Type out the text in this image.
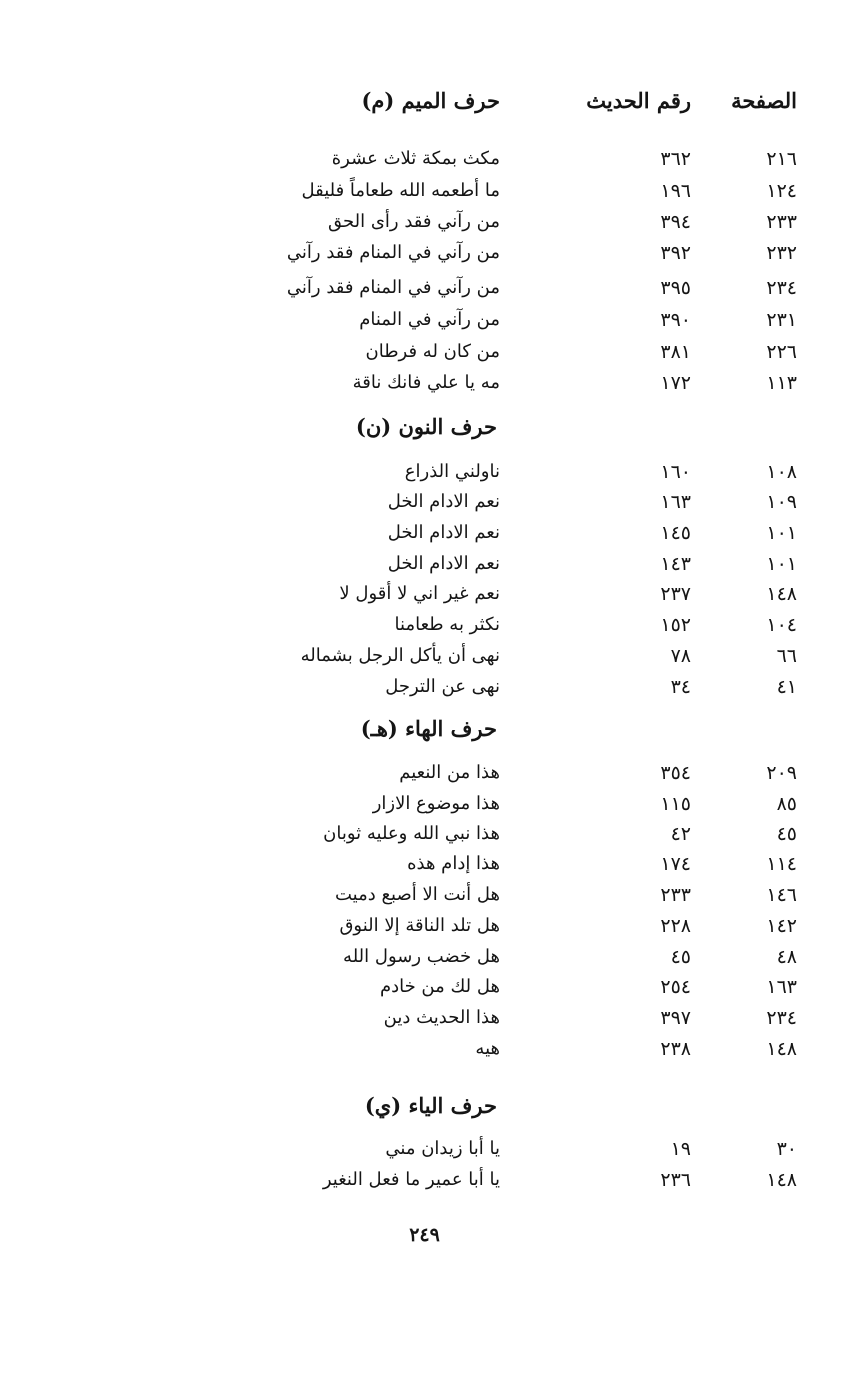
الصفحة
رقم الحديث
حرف الميم (م)
٢١٦
٣٦٢
مكث بمكة ثلاث عشرة
١٢٤
١٩٦
ما أطعمه الله طعاماً فليقل
٢٣٣
٣٩٤
من رآني فقد رأى الحق
٢٣٢
٣٩٢
من رآني في المنام فقد رآني
٢٣٤
٣٩٥
من رآني في المنام فقد رآني
٢٣١
٣٩٠
من رآني في المنام
٢٢٦
٣٨١
من كان له فرطان
١١٣
١٧٢
مه يا علي فانك ناقة
حرف النون (ن)
١٠٨
١٦٠
ناولني الذراع
١٠٩
١٦٣
نعم الادام الخل
١٠١
١٤٥
نعم الادام الخل
١٠١
١٤٣
نعم الادام الخل
١٤٨
٢٣٧
نعم غير اني لا أقول لا
١٠٤
١٥٢
نكثر به طعامنا
٦٦
٧٨
نهى أن يأكل الرجل بشماله
٤١
٣٤
نهى عن الترجل
حرف الهاء (هـ)
٢٠٩
٣٥٤
هذا من النعيم
٨٥
١١٥
هذا موضوع الازار
٤٥
٤٢
هذا نبي الله وعليه ثوبان
١١٤
١٧٤
هذا إدام هذه
١٤٦
٢٣٣
هل أنت الا أصبع دميت
١٤٢
٢٢٨
هل تلد الناقة إلا النوق
٤٨
٤٥
هل خضب رسول الله
١٦٣
٢٥٤
هل لك من خادم
٢٣٤
٣٩٧
هذا الحديث دين
١٤٨
٢٣٨
هيه
حرف الياء (ي)
٣٠
١٩
يا أبا زيدان مني
١٤٨
٢٣٦
يا أبا عمير ما فعل النغير
٢٤٩
